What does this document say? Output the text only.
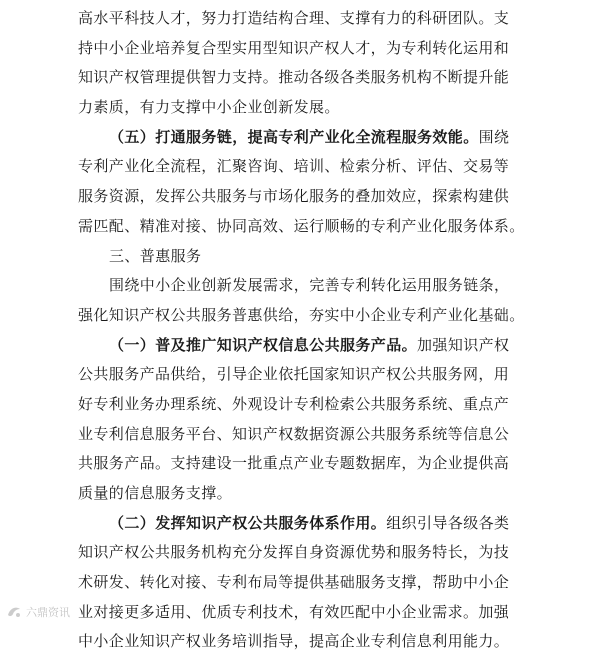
高水平科技人才，努力打造结构合理、支撑有力的科研团队。支
持中小企业培养复合型实用型知识产权人才，为专利转化运用和
知识产权管理提供智力支持。推动各级各类服务机构不断提升能
力素质，有力支撑中小企业创新发展。
（五）打通服务链，提高专利产业化全流程服务效能。围绕
专利产业化全流程，汇聚咨询、培训、检索分析、评估、交易等
服务资源，发挥公共服务与市场化服务的叠加效应，探索构建供
需匹配、精准对接、协同高效、运行顺畅的专利产业化服务体系。
三、普惠服务
围绕中小企业创新发展需求，完善专利转化运用服务链条，
强化知识产权公共服务普惠供给，夯实中小企业专利产业化基础。
（一）普及推广知识产权信息公共服务产品。加强知识产权
公共服务产品供给，引导企业依托国家知识产权公共服务网，用
好专利业务办理系统、外观设计专利检索公共服务系统、重点产
业专利信息服务平台、知识产权数据资源公共服务系统等信息公
共服务产品。支持建设一批重点产业专题数据库，为企业提供高
质量的信息服务支撑。
（二）发挥知识产权公共服务体系作用。组织引导各级各类
知识产权公共服务机构充分发挥自身资源优势和服务特长，为技
术研发、转化对接、专利布局等提供基础服务支撑，帮助中小企
业对接更多适用、优质专利技术，有效匹配中小企业需求。加强
中小企业知识产权业务培训指导，提高企业专利信息利用能力。
六鼎资讯
